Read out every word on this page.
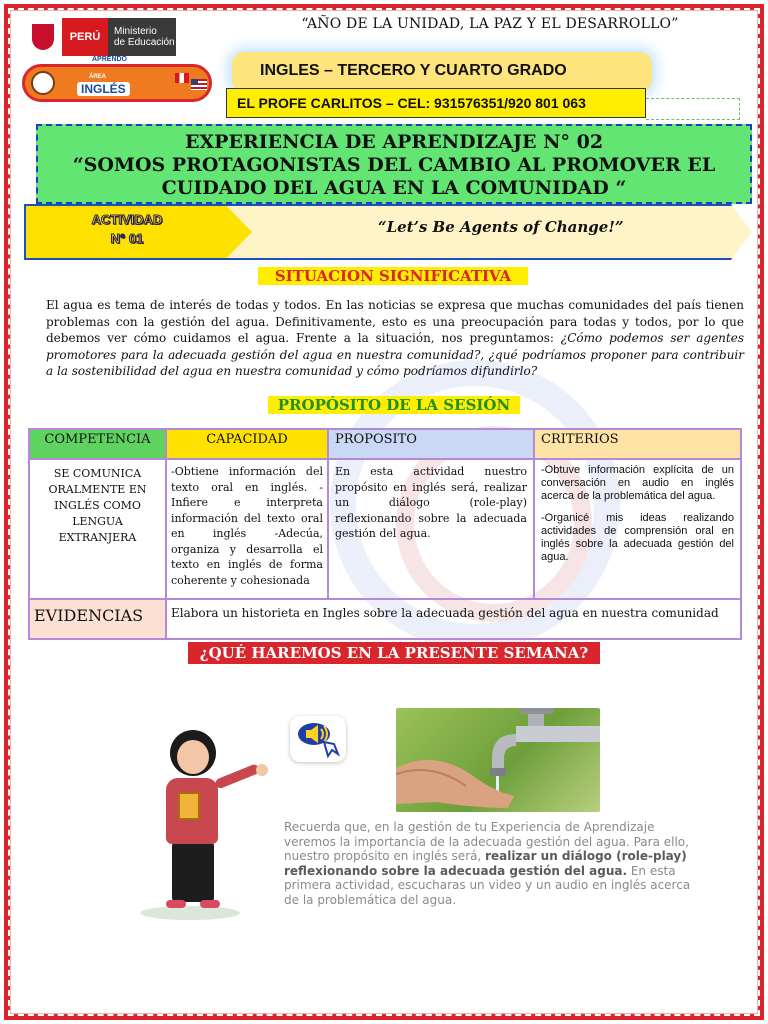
PERÚ	Ministerio
de Educación
APRENDO
ÁREA
INGLÉS
“AÑO DE LA UNIDAD, LA PAZ Y EL DESARROLLO”
INGLES – TERCERO Y CUARTO GRADO
EL PROFE CARLITOS – CEL: 931576351/920 801 063
EXPERIENCIA DE APRENDIZAJE N° 02
“SOMOS PROTAGONISTAS DEL CAMBIO AL PROMOVER EL
CUIDADO DEL AGUA EN LA COMUNIDAD “
ACTIVIDAD
N° 01
“Let’s Be Agents of Change!”
SITUACION SIGNIFICATIVA
El agua es tema de interés de todas y todos. En las noticias se expresa que muchas comunidades del país tienen problemas con la gestión del agua. Definitivamente, esto es una preocupación para todas y todos, por lo que debemos ver cómo cuidamos el agua. Frente a la situación, nos preguntamos: ¿Cómo podemos ser agentes promotores para la adecuada gestión del agua en nuestra comunidad?, ¿qué podríamos proponer para contribuir a la sostenibilidad del agua en nuestra comunidad y cómo podríamos difundirlo?
PROPÓSITO DE LA SESIÓN
COMPETENCIA	CAPACIDAD	PROPOSITO	CRITERIOS
SE COMUNICA ORALMENTE EN INGLÉS COMO LENGUA EXTRANJERA	-Obtiene información del texto oral en inglés. -Infiere e interpreta información del texto oral en inglés -Adecúa, organiza y desarrolla el texto en inglés de forma coherente y cohesionada	En esta actividad nuestro propósito en inglés será, realizar un diálogo (role-play) reflexionando sobre la adecuada gestión del agua.	-Obtuve información explícita de un conversación en audio en inglés acerca de la problemática del agua.

-Organicé mis ideas realizando actividades de comprensión oral en inglés sobre la adecuada gestión del agua.

EVIDENCIAS	Elabora un historieta en Ingles sobre la adecuada gestión del agua en nuestra comunidad		
¿QUÉ HAREMOS EN LA PRESENTE SEMANA?
Recuerda que, en la gestión de tu Experiencia de Aprendizaje veremos la importancia de la adecuada gestión del agua. Para ello, nuestro propósito en inglés será, realizar un diálogo (role-play) reflexionando sobre la adecuada gestión del agua. En esta primera actividad, escucharas un video y un audio en inglés acerca de la problemática del agua.
